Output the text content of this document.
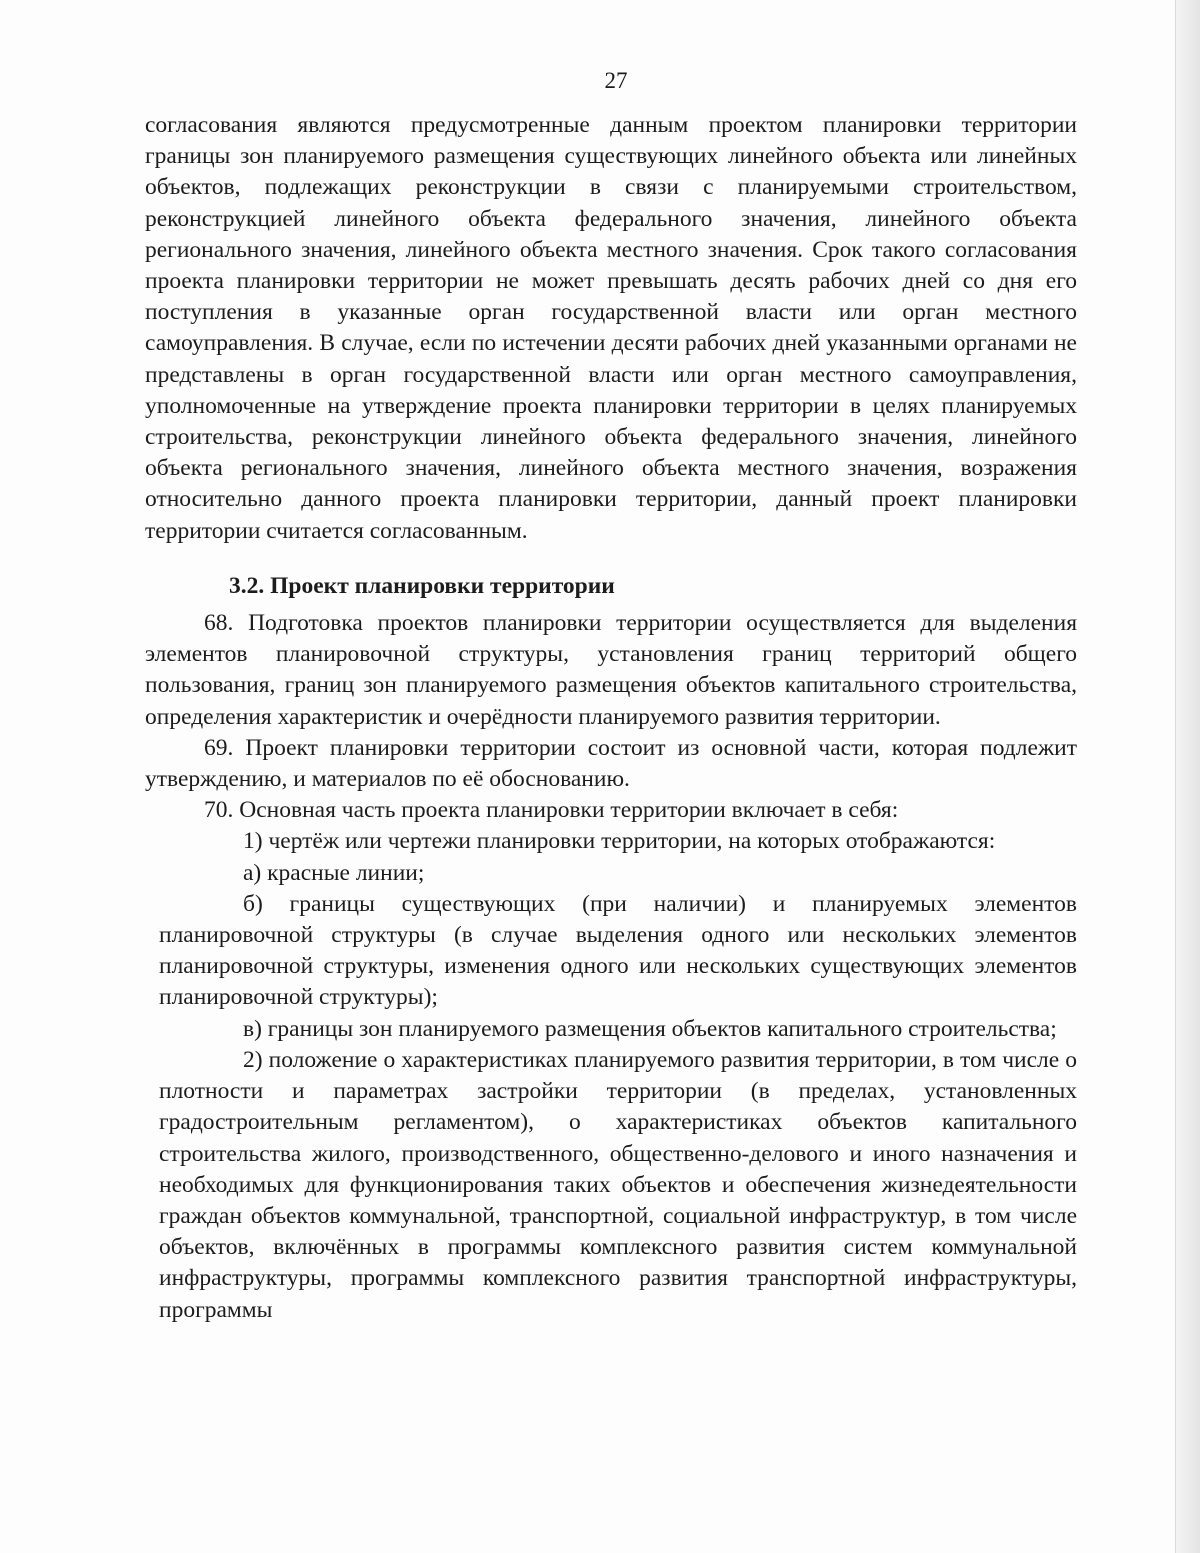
27

согласования являются предусмотренные данным проектом планировки территории границы зон планируемого размещения существующих линейного объекта или линейных объектов, подлежащих реконструкции в связи с планируемыми строительством, реконструкцией линейного объекта федерального значения, линейного объекта регионального значения, линейного объекта местного значения. Срок такого согласования проекта планировки территории не может превышать десять рабочих дней со дня его поступления в указанные орган государственной власти или орган местного самоуправления. В случае, если по истечении десяти рабочих дней указанными органами не представлены в орган государственной власти или орган местного самоуправления, уполномоченные на утверждение проекта планировки территории в целях планируемых строительства, реконструкции линейного объекта федерального значения, линейного объекта регионального значения, линейного объекта местного значения, возражения относительно данного проекта планировки территории, данный проект планировки территории считается согласованным.

3.2. Проект планировки территории

68. Подготовка проектов планировки территории осуществляется для выделения элементов планировочной структуры, установления границ территорий общего пользования, границ зон планируемого размещения объектов капитального строительства, определения характеристик и очерёдности планируемого развития территории.

69. Проект планировки территории состоит из основной части, которая подлежит утверждению, и материалов по её обоснованию.

70. Основная часть проекта планировки территории включает в себя:

1) чертёж или чертежи планировки территории, на которых отображаются:

а) красные линии;

б) границы существующих (при наличии) и планируемых элементов планировочной структуры (в случае выделения одного или нескольких элементов планировочной структуры, изменения одного или нескольких существующих элементов планировочной структуры);

в) границы зон планируемого размещения объектов капитального строительства;

2) положение о характеристиках планируемого развития территории, в том числе о плотности и параметрах застройки территории (в пределах, установленных градостроительным регламентом), о характеристиках объектов капитального строительства жилого, производственного, общественно-делового и иного назначения и необходимых для функционирования таких объектов и обеспечения жизнедеятельности граждан объектов коммунальной, транспортной, социальной инфраструктур, в том числе объектов, включённых в программы комплексного развития систем коммунальной инфраструктуры, программы комплексного развития транспортной инфраструктуры, программы
